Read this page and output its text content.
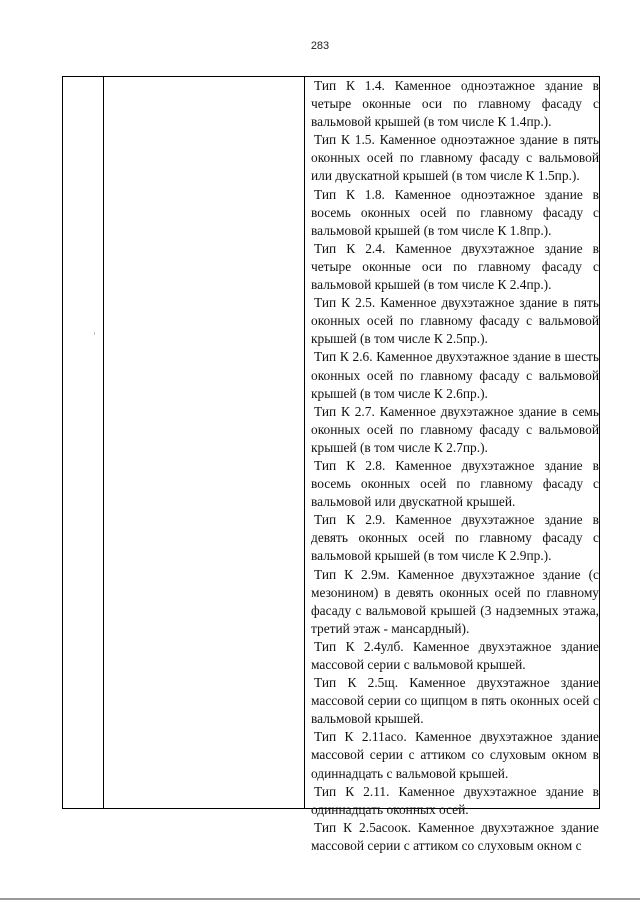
283

Тип К 1.4. Каменное одноэтажное здание в четыре оконные оси по главному фасаду с вальмовой крышей (в том числе К 1.4пр.).

Тип К 1.5. Каменное одноэтажное здание в пять оконных осей по главному фасаду с вальмовой или двускатной крышей (в том числе К 1.5пр.).

Тип К 1.8. Каменное одноэтажное здание в восемь оконных осей по главному фасаду с вальмовой крышей (в том числе К 1.8пр.).

Тип К 2.4. Каменное двухэтажное здание в четыре оконные оси по главному фасаду с вальмовой крышей (в том числе К 2.4пр.).

Тип К 2.5. Каменное двухэтажное здание в пять оконных осей по главному фасаду с вальмовой крышей (в том числе К 2.5пр.).

Тип К 2.6. Каменное двухэтажное здание в шесть оконных осей по главному фасаду с вальмовой крышей (в том числе К 2.6пр.).

Тип К 2.7. Каменное двухэтажное здание в семь оконных осей по главному фасаду с вальмовой крышей (в том числе К 2.7пр.).

Тип К 2.8. Каменное двухэтажное здание в восемь оконных осей по главному фасаду с вальмовой или двускатной крышей.

Тип К 2.9. Каменное двухэтажное здание в девять оконных осей по главному фасаду с вальмовой крышей (в том числе К 2.9пр.).

Тип К 2.9м. Каменное двухэтажное здание (с мезонином) в девять оконных осей по главному фасаду с вальмовой крышей (3 надземных этажа, третий этаж - мансардный).

Тип К 2.4улб. Каменное двухэтажное здание массовой серии с вальмовой крышей.

Тип К 2.5щ. Каменное двухэтажное здание массовой серии со щипцом в пять оконных осей с вальмовой крышей.

Тип К 2.11асо. Каменное двухэтажное здание массовой серии с аттиком со слуховым окном в одиннадцать с вальмовой крышей.

Тип К 2.11. Каменное двухэтажное здание в одиннадцать оконных осей.

Тип К 2.5асоок. Каменное двухэтажное здание массовой серии с аттиком со слуховым окном с
